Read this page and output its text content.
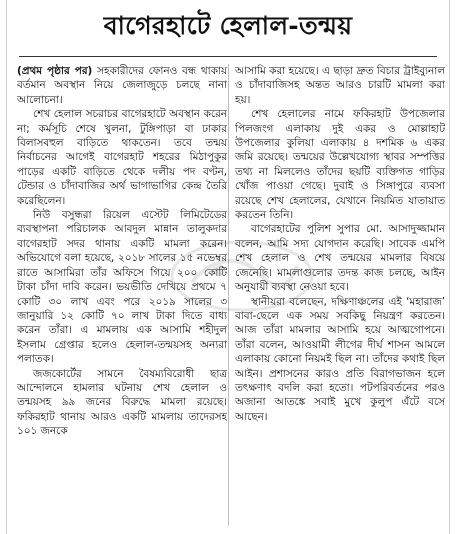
বাগেরহাটে হেলাল-তন্ময়

(প্রথম পৃষ্ঠার পর) সহকারীদের ফোনও বন্ধ থাকায় বর্তমান অবস্থান নিয়ে জেলাজুড়ে চলছে নানা আলোচনা।

শেখ হেলাল সচরাচর বাগেরহাটে অবস্থান করেন না; কর্মসূচি শেষে খুলনা, টুঙ্গিপাড়া বা ঢাকার বিলাসবহুল বাড়িতে থাকতেন। তবে তন্ময় নির্বাচনের আগেই বাগেরহাট শহরের মিঠাপুকুর পাড়ের একটি বাড়িতে থেকে দলীয় পদ বণ্টন, টেন্ডার ও চাঁদাবাজির অর্থ ভাগাভাগির কেন্দ্র তৈরি করেছিলেন।

নিউ বসুন্ধরা রিয়েল এস্টেট লিমিটেডের ব্যবস্থাপনা পরিচালক আবদুল মান্নান তালুকদার বাগেরহাট সদর থানায় একটি মামলা করেন। অভিযোগে বলা হয়েছে, ২০১৮ সালের ১৫ নভেম্বর রাতে আসামিরা তাঁর অফিসে গিয়ে ২০০ কোটি টাকা চাঁদা দাবি করেন। ভয়ভীতি দেখিয়ে প্রথমে ৭ কোটি ৩০ লাখ এবং পরে ২০১৯ সালের ৩ জানুয়ারি ১২ কোটি ৭০ লাখ টাকা দিতে বাধ্য করেন তাঁরা। এ মামলায় এক আসামি শহীদুল ইসলাম গ্রেপ্তার হলেও হেলাল-তন্ময়সহ অন্যরা পলাতক।

জজকোর্টের সামনে বৈষম্যবিরোধী ছাত্র আন্দোলনে হামলার ঘটনায় শেখ হেলাল ও তন্ময়সহ ৯৯ জনের বিরুদ্ধে মামলা রয়েছে। ফকিরহাট থানায় আরও একটি মামলায় তাদেরসহ ১০১ জনকে

আসামি করা হয়েছে। এ ছাড়া দ্রুত বিচার ট্রাইব্যুনাল ও চাঁদাবাজিসহ অন্তত আরও চারটি মামলা করা হয়।

শেখ হেলালের নামে ফকিরহাট উপজেলার পিলজংগ এলাকায় দুই একর ও মোল্লাহাট উপজেলার কুলিয়া এলাকায় ৪ দশমিক ৬ একর জমি রয়েছে। তন্ময়ের উল্লেখযোগ্য স্থাবর সম্পত্তির তথ্য না মিললেও তাঁদের ছয়টি ব্যক্তিগত গাড়ির খোঁজ পাওয়া গেছে। দুবাই ও সিঙ্গাপুরে ব্যবসা রয়েছে শেখ হেলালের, যেখানে নিয়মিত যাতায়াত করতেন তিনি।

বাগেরহাটের পুলিশ সুপার মো. আসাদুজ্জামান বলেন, আমি সদ্য যোগদান করেছি। সাবেক এমপি শেখ হেলাল ও শেখ তন্ময়ের মামলার বিষয়ে জেনেছি। মামলাগুলোর তদন্ত কাজ চলছে, আইন অনুযায়ী ব্যবস্থা নেওয়া হবে।

স্থানীয়রা বলেছেন, দক্ষিণাঞ্চলের এই ‘মহারাজ’ বাবা-ছেলে এক সময় সবকিছু নিয়ন্ত্রণ করতেন। আজ তাঁরা মামলার আসামি হয়ে আত্মগোপনে। তাঁরা বলেন, আওয়ামী লীগের দীর্ঘ শাসন আমলে এলাকায় কোনো নিয়মই ছিল না। তাঁদের কথাই ছিল আইন। প্রশাসনের কারও প্রতি বিরাগভাজন হলে তৎক্ষণাৎ বদলি করা হতো। পটপরিবর্তনের পরও অজানা আতঙ্কে সবাই মুখে কুলুপ এঁটে বসে আছেন।
